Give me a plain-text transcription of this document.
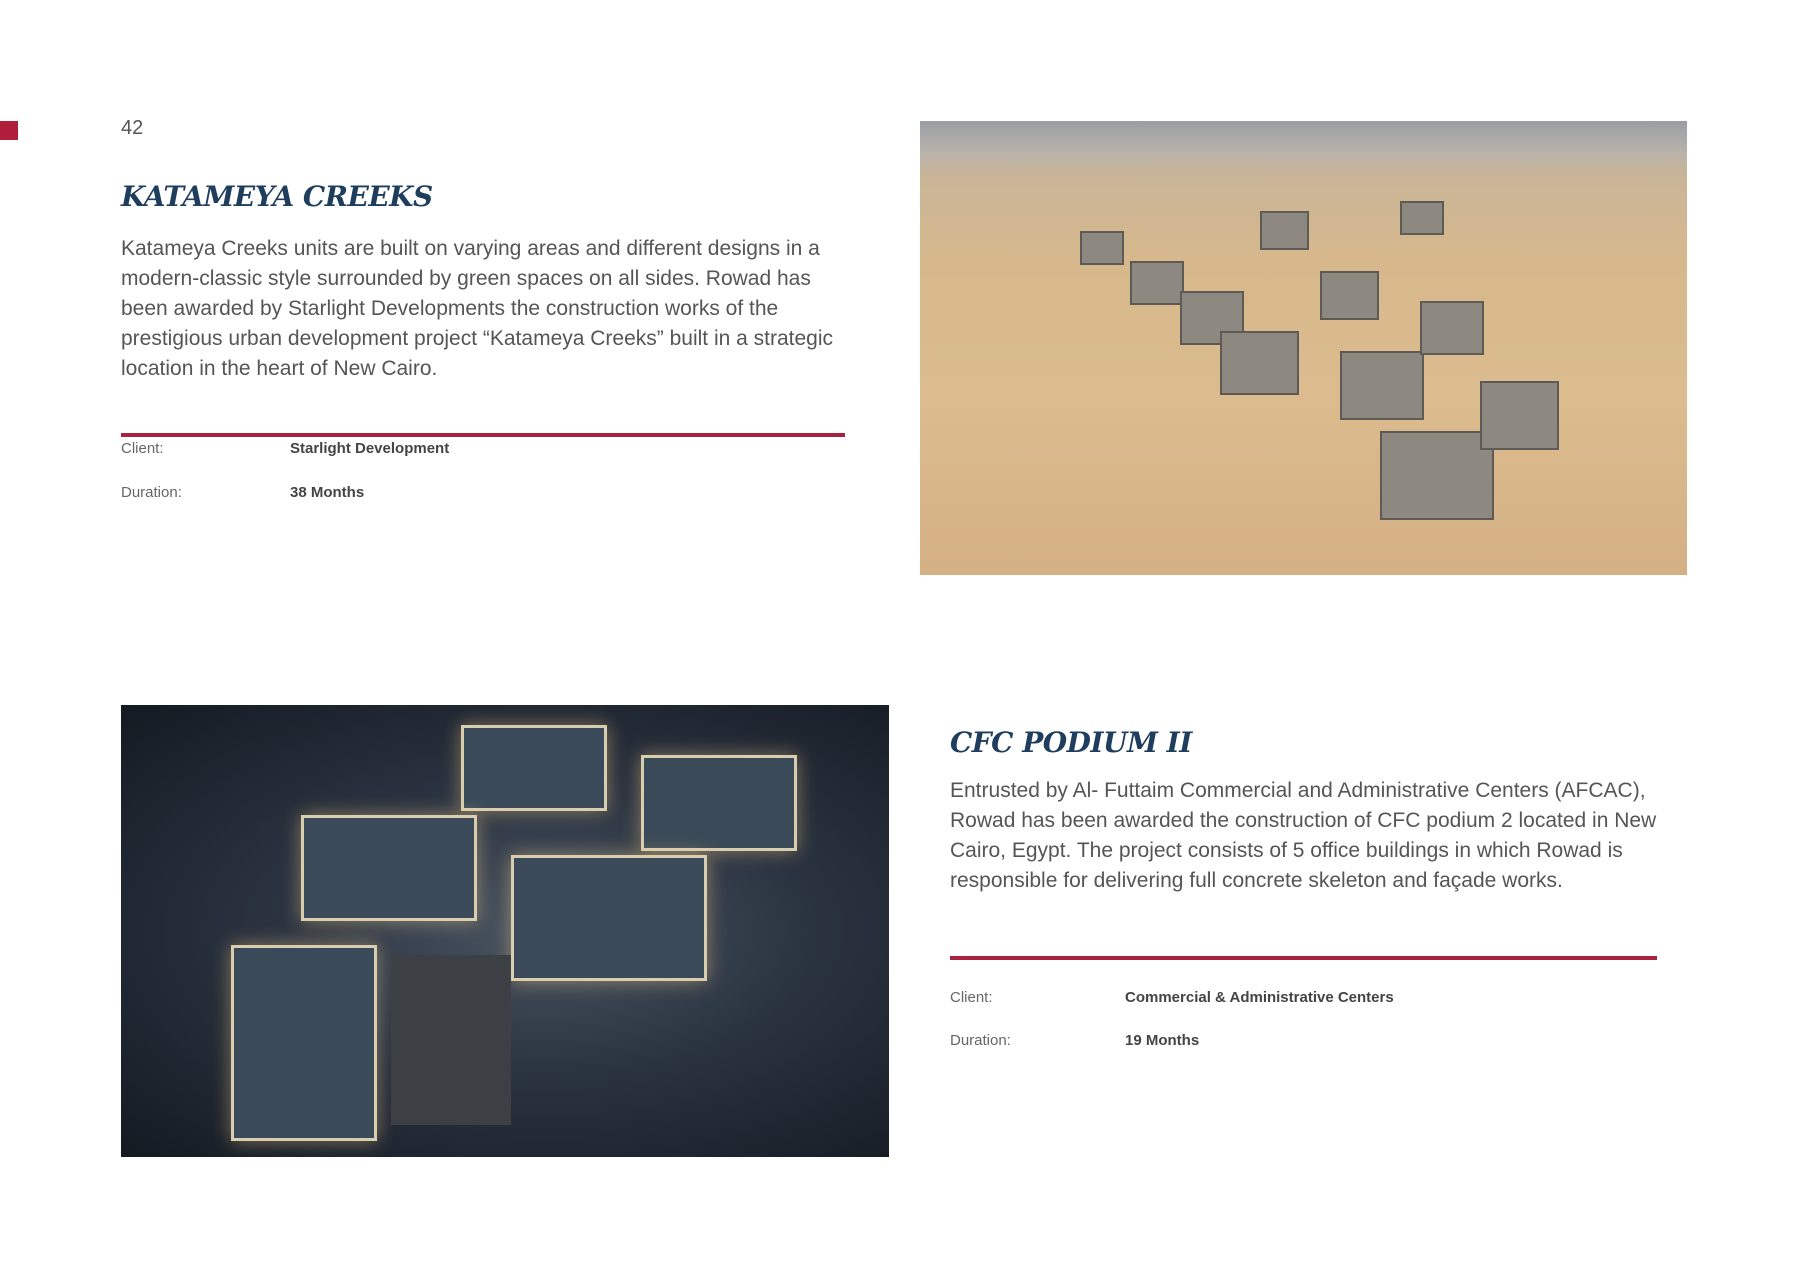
42
KATAMEYA CREEKS
Katameya Creeks units are built on varying areas and different designs in a modern-classic style surrounded by green spaces on all sides. Rowad has been awarded by Starlight Developments the construction works of the prestigious urban development project “Katameya Creeks” built in a strategic location in the heart of New Cairo.
Client:	Starlight Development
Duration:	38 Months
CFC PODIUM II
Entrusted by Al- Futtaim Commercial and Administrative Centers (AFCAC), Rowad has been awarded the construction of CFC podium 2 located in New Cairo, Egypt. The project consists of 5 office buildings in which Rowad is responsible for delivering full concrete skeleton and façade works.
Client:	Commercial & Administrative Centers
Duration:	19 Months
